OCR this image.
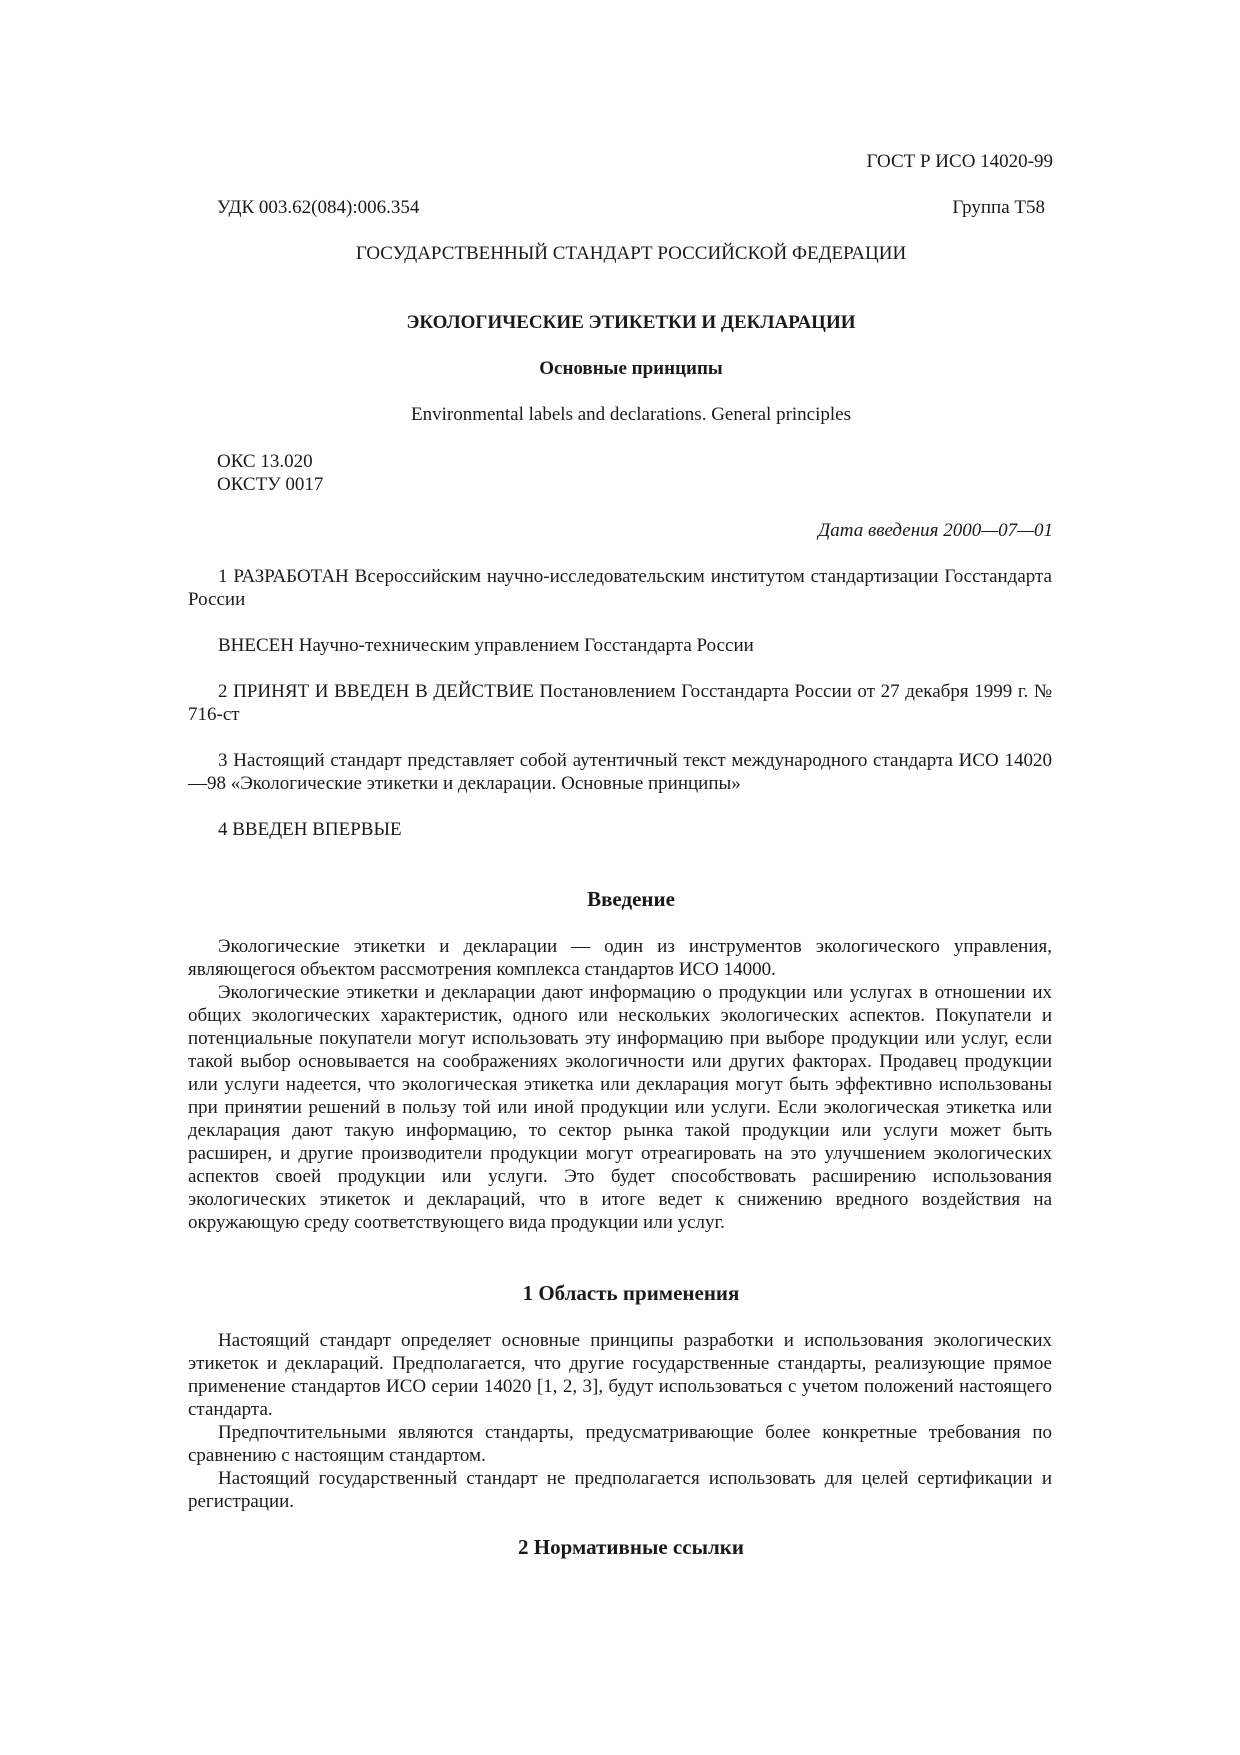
ГОСТ Р ИСО 14020-99
УДК 003.62(084):006.354	Группа Т58
ГОСУДАРСТВЕННЫЙ СТАНДАРТ РОССИЙСКОЙ ФЕДЕРАЦИИ
ЭКОЛОГИЧЕСКИЕ ЭТИКЕТКИ И ДЕКЛАРАЦИИ
Основные принципы
Environmental labels and declarations. General principles
ОКС 13.020
ОКСТУ 0017
Дата введения 2000—07—01

1 РАЗРАБОТАН Всероссийским научно-исследовательским институтом стандартизации Госстандарта России

ВНЕСЕН Научно-техническим управлением Госстандарта России

2 ПРИНЯТ И ВВЕДЕН В ДЕЙСТВИЕ Постановлением Госстандарта России от 27 декабря 1999 г. № 716-ст

3 Настоящий стандарт представляет собой аутентичный текст международного стандарта ИСО 14020—98 «Экологические этикетки и декларации. Основные принципы»

4 ВВЕДЕН ВПЕРВЫЕ

Введение

Экологические этикетки и декларации — один из инструментов экологического управления, являющегося объектом рассмотрения комплекса стандартов ИСО 14000.

Экологические этикетки и декларации дают информацию о продукции или услугах в отношении их общих экологических характеристик, одного или нескольких экологических аспектов. Покупатели и потенциальные покупатели могут использовать эту информацию при выборе продукции или услуг, если такой выбор основывается на соображениях экологичности или других факторах. Продавец продукции или услуги надеется, что экологическая этикетка или декларация могут быть эффективно использованы при принятии решений в пользу той или иной продукции или услуги. Если экологическая этикетка или декларация дают такую информацию, то сектор рынка такой продукции или услуги может быть расширен, и другие производители продукции могут отреагировать на это улучшением экологических аспектов своей продукции или услуги. Это будет способствовать расширению использования экологических этикеток и деклараций, что в итоге ведет к снижению вредного воздействия на окружающую среду соответствующего вида продукции или услуг.

1 Область применения

Настоящий стандарт определяет основные принципы разработки и использования экологических этикеток и деклараций. Предполагается, что другие государственные стандарты, реализующие прямое применение стандартов ИСО серии 14020 [1, 2, 3], будут использоваться с учетом положений настоящего стандарта.

Предпочтительными являются стандарты, предусматривающие более конкретные требования по сравнению с настоящим стандартом.

Настоящий государственный стандарт не предполагается использовать для целей сертификации и регистрации.

2 Нормативные ссылки
